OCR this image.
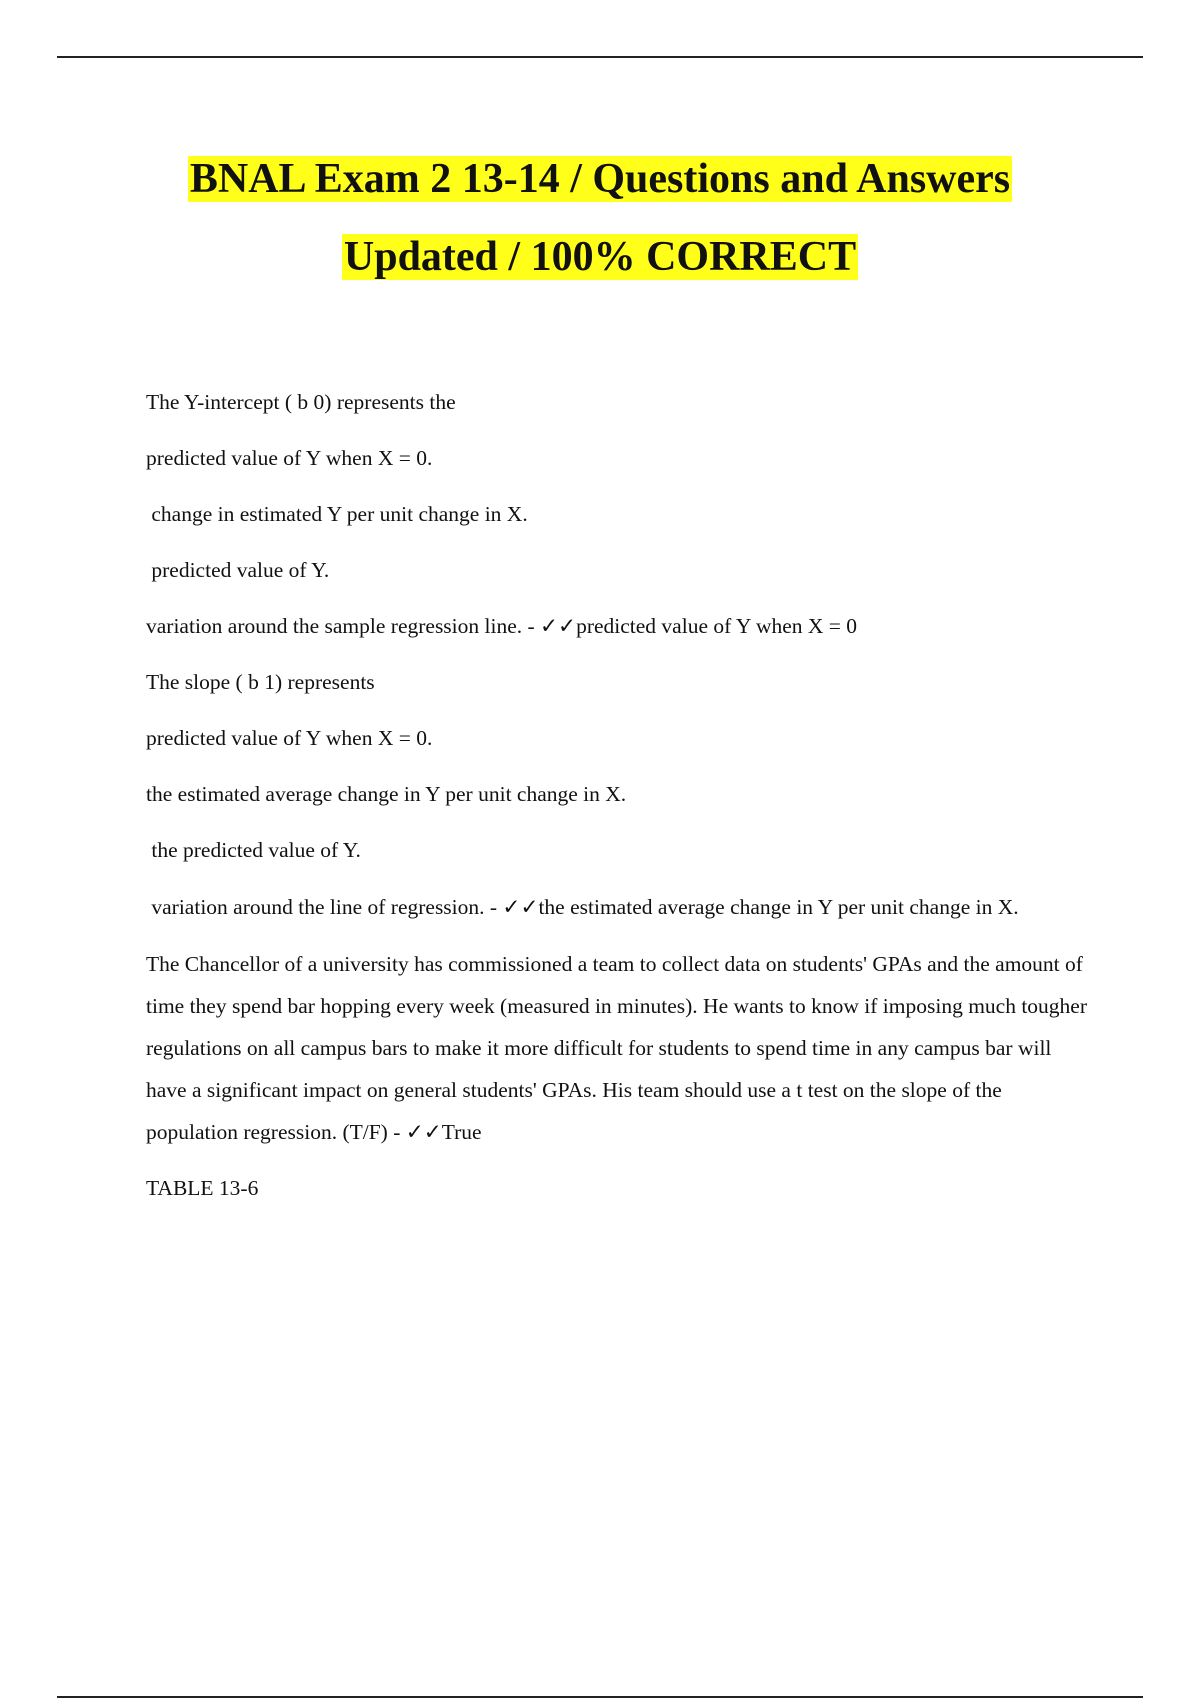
BNAL Exam 2 13-14 / Questions and Answers
Updated / 100% CORRECT

The Y-intercept ( b 0) represents the

predicted value of Y when X = 0.

change in estimated Y per unit change in X.

predicted value of Y.

variation around the sample regression line. - ✓✓predicted value of Y when X = 0

The slope ( b 1) represents

predicted value of Y when X = 0.

the estimated average change in Y per unit change in X.

the predicted value of Y.

variation around the line of regression. - ✓✓the estimated average change in Y per unit change in X.

The Chancellor of a university has commissioned a team to collect data on students' GPAs and the amount of time they spend bar hopping every week (measured in minutes). He wants to know if imposing much tougher regulations on all campus bars to make it more difficult for students to spend time in any campus bar will have a significant impact on general students' GPAs. His team should use a t test on the slope of the population regression. (T/F) - ✓✓True

TABLE 13-6
